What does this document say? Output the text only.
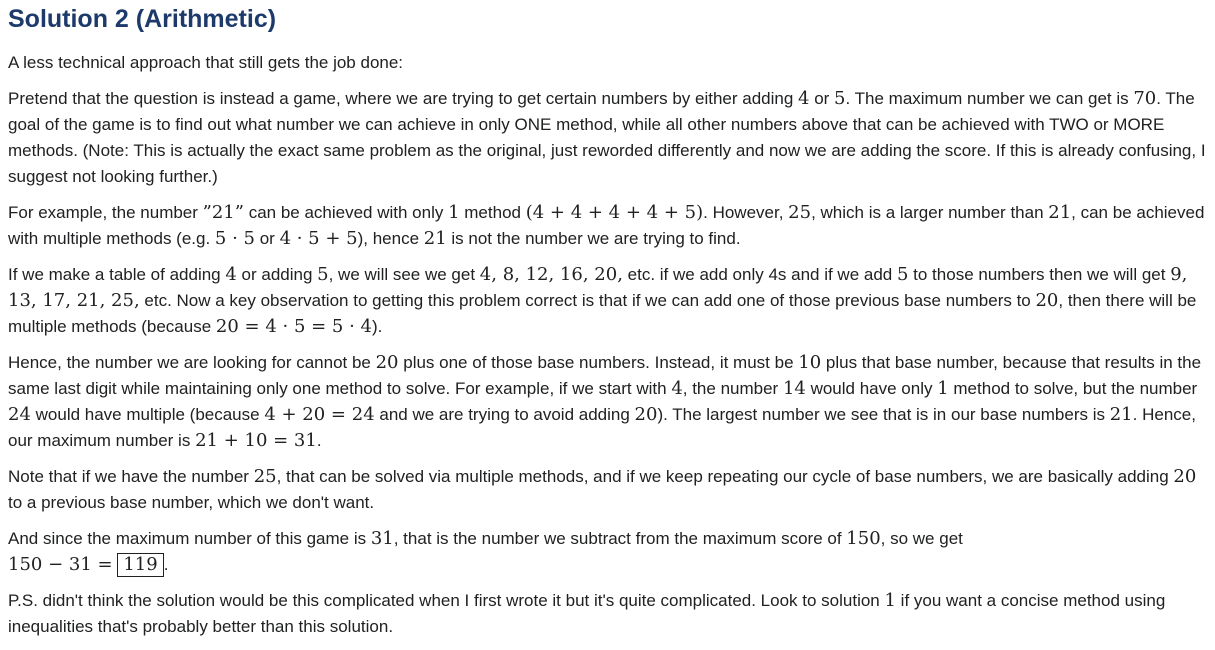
Solution 2 (Arithmetic)

A less technical approach that still gets the job done:

Pretend that the question is instead a game, where we are trying to get certain numbers by either adding 4 or 5. The maximum number we can get is 70. The goal of the game is to find out what number we can achieve in only ONE method, while all other numbers above that can be achieved with TWO or MORE methods. (Note: This is actually the exact same problem as the original, just reworded differently and now we are adding the score. If this is already confusing, I suggest not looking further.)

For example, the number ”21” can be achieved with only 1 method (4 + 4 + 4 + 4 + 5). However, 25, which is a larger number than 21, can be achieved with multiple methods (e.g. 5 · 5 or 4 · 5 + 5), hence 21 is not the number we are trying to find.

If we make a table of adding 4 or adding 5, we will see we get 4, 8, 12, 16, 20, etc. if we add only 4s and if we add 5 to those numbers then we will get 9, 13, 17, 21, 25, etc. Now a key observation to getting this problem correct is that if we can add one of those previous base numbers to 20, then there will be multiple methods (because 20 = 4 · 5 = 5 · 4).

Hence, the number we are looking for cannot be 20 plus one of those base numbers. Instead, it must be 10 plus that base number, because that results in the same last digit while maintaining only one method to solve. For example, if we start with 4, the number 14 would have only 1 method to solve, but the number 24 would have multiple (because 4 + 20 = 24 and we are trying to avoid adding 20). The largest number we see that is in our base numbers is 21. Hence, our maximum number is 21 + 10 = 31.

Note that if we have the number 25, that can be solved via multiple methods, and if we keep repeating our cycle of base numbers, we are basically adding 20 to a previous base number, which we don't want.

And since the maximum number of this game is 31, that is the number we subtract from the maximum score of 150, so we get
150 − 31 = 119 .

P.S. didn't think the solution would be this complicated when I first wrote it but it's quite complicated. Look to solution 1 if you want a concise method using inequalities that's probably better than this solution.
